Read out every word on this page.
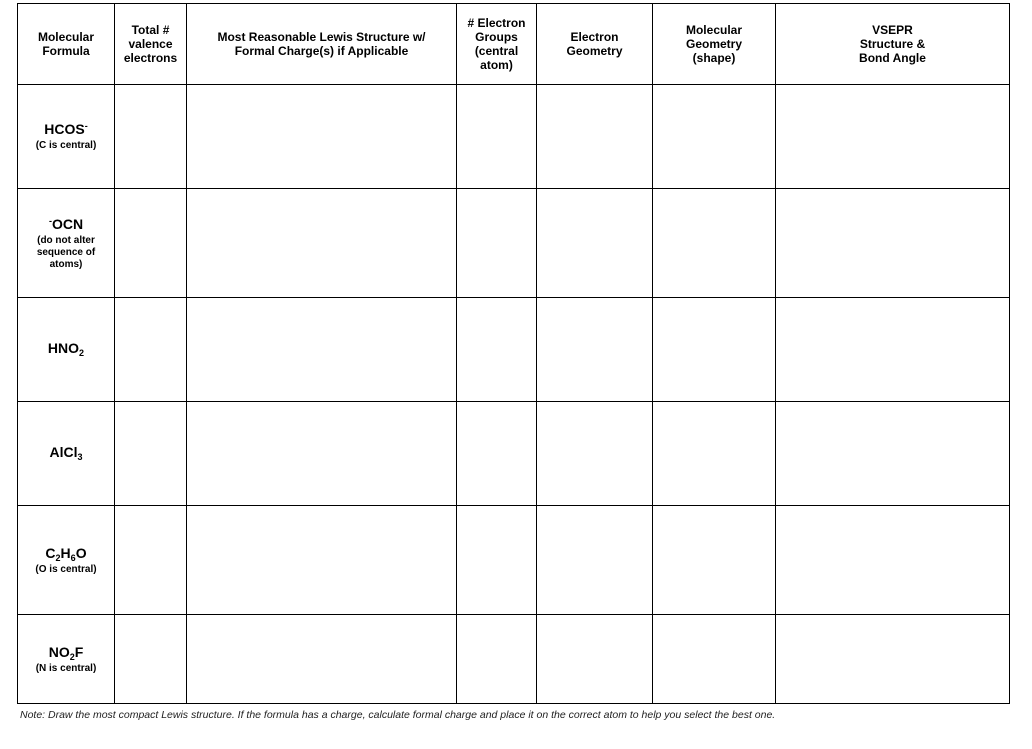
Molecular Formula	Total # valence electrons	Most Reasonable Lewis Structure w/ Formal Charge(s) if Applicable	# Electron Groups (central atom)	Electron Geometry	Molecular Geometry (shape)	VSEPR Structure & Bond Angle

HCOS-
(C is central)						

-OCN
(do not alter sequence of atoms)						

$HNO_2$

AlCl$_3$

$C_2H_6O$
(O is central)						

$NO_2F$
(N is central)						

Note: Draw the most compact Lewis structure. If the formula has a charge, calculate formal charge and place it on the correct atom to help you select the best one.
